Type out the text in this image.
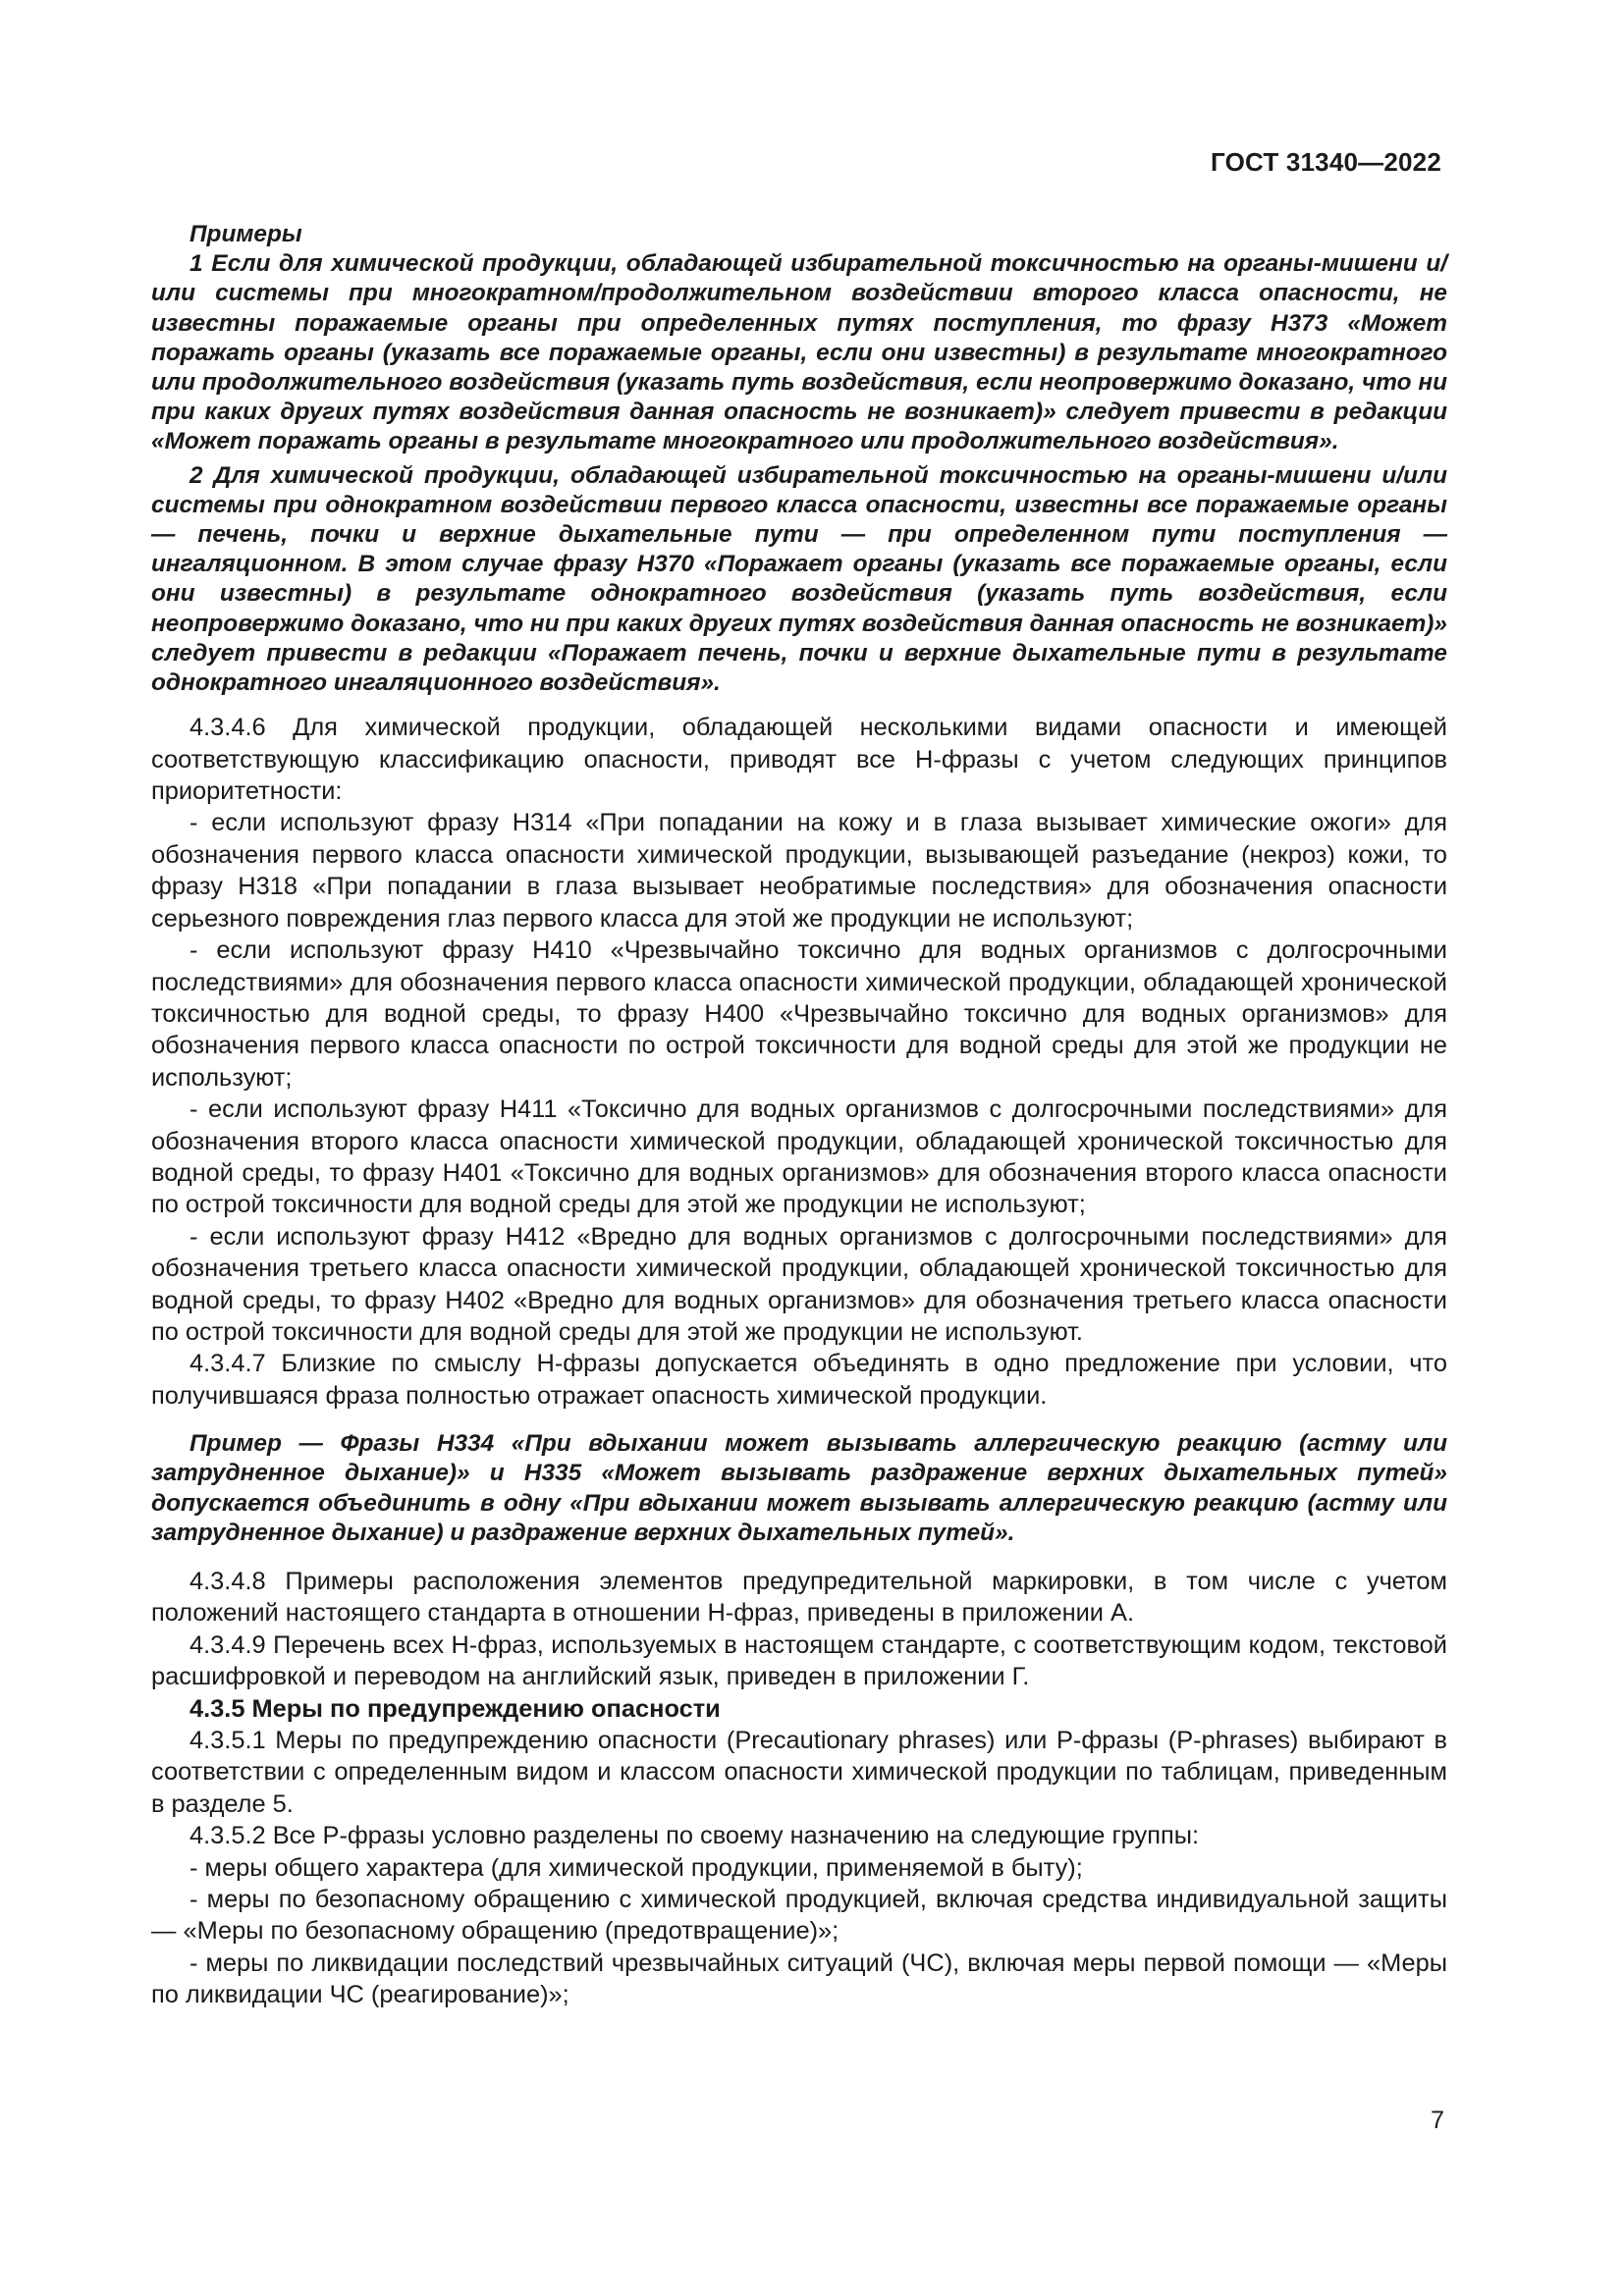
ГОСТ 31340—2022

Примеры

1 Если для химической продукции, обладающей избирательной токсичностью на органы-мишени и/или системы при многократном/продолжительном воздействии второго класса опасности, не известны поражаемые органы при определенных путях поступления, то фразу Н373 «Может поражать органы (указать все поражаемые органы, если они известны) в результате многократного или продолжительного воздействия (указать путь воздействия, если неопровержимо доказано, что ни при каких других путях воздействия данная опасность не возникает)» следует привести в редакции «Может поражать органы в результате многократного или продолжительного воздействия».

2 Для химической продукции, обладающей избирательной токсичностью на органы-мишени и/или системы при однократном воздействии первого класса опасности, известны все поражаемые органы — печень, почки и верхние дыхательные пути — при определенном пути поступления — ингаляционном. В этом случае фразу Н370 «Поражает органы (указать все поражаемые органы, если они известны) в результате однократного воздействия (указать путь воздействия, если неопровержимо доказано, что ни при каких других путях воздействия данная опасность не возникает)» следует привести в редакции «Поражает печень, почки и верхние дыхательные пути в результате однократного ингаляционного воздействия».

4.3.4.6 Для химической продукции, обладающей несколькими видами опасности и имеющей соответствующую классификацию опасности, приводят все Н-фразы с учетом следующих принципов приоритетности:

- если используют фразу Н314 «При попадании на кожу и в глаза вызывает химические ожоги» для обозначения первого класса опасности химической продукции, вызывающей разъедание (некроз) кожи, то фразу Н318 «При попадании в глаза вызывает необратимые последствия» для обозначения опасности серьезного повреждения глаз первого класса для этой же продукции не используют;

- если используют фразу Н410 «Чрезвычайно токсично для водных организмов с долгосрочными последствиями» для обозначения первого класса опасности химической продукции, обладающей хронической токсичностью для водной среды, то фразу Н400 «Чрезвычайно токсично для водных организмов» для обозначения первого класса опасности по острой токсичности для водной среды для этой же продукции не используют;

- если используют фразу Н411 «Токсично для водных организмов с долгосрочными последствиями» для обозначения второго класса опасности химической продукции, обладающей хронической токсичностью для водной среды, то фразу Н401 «Токсично для водных организмов» для обозначения второго класса опасности по острой токсичности для водной среды для этой же продукции не используют;

- если используют фразу Н412 «Вредно для водных организмов с долгосрочными последствиями» для обозначения третьего класса опасности химической продукции, обладающей хронической токсичностью для водной среды, то фразу Н402 «Вредно для водных организмов» для обозначения третьего класса опасности по острой токсичности для водной среды для этой же продукции не используют.

4.3.4.7 Близкие по смыслу Н-фразы допускается объединять в одно предложение при условии, что получившаяся фраза полностью отражает опасность химической продукции.

Пример — Фразы Н334 «При вдыхании может вызывать аллергическую реакцию (астму или затрудненное дыхание)» и Н335 «Может вызывать раздражение верхних дыхательных путей» допускается объединить в одну «При вдыхании может вызывать аллергическую реакцию (астму или затрудненное дыхание) и раздражение верхних дыхательных путей».

4.3.4.8 Примеры расположения элементов предупредительной маркировки, в том числе с учетом положений настоящего стандарта в отношении Н-фраз, приведены в приложении А.

4.3.4.9 Перечень всех Н-фраз, используемых в настоящем стандарте, с соответствующим кодом, текстовой расшифровкой и переводом на английский язык, приведен в приложении Г.

4.3.5 Меры по предупреждению опасности

4.3.5.1 Меры по предупреждению опасности (Precautionary phrases) или Р-фразы (P-phrases) выбирают в соответствии с определенным видом и классом опасности химической продукции по таблицам, приведенным в разделе 5.

4.3.5.2 Все Р-фразы условно разделены по своему назначению на следующие группы:

- меры общего характера (для химической продукции, применяемой в быту);

- меры по безопасному обращению с химической продукцией, включая средства индивидуальной защиты — «Меры по безопасному обращению (предотвращение)»;

- меры по ликвидации последствий чрезвычайных ситуаций (ЧС), включая меры первой помощи — «Меры по ликвидации ЧС (реагирование)»;

7
